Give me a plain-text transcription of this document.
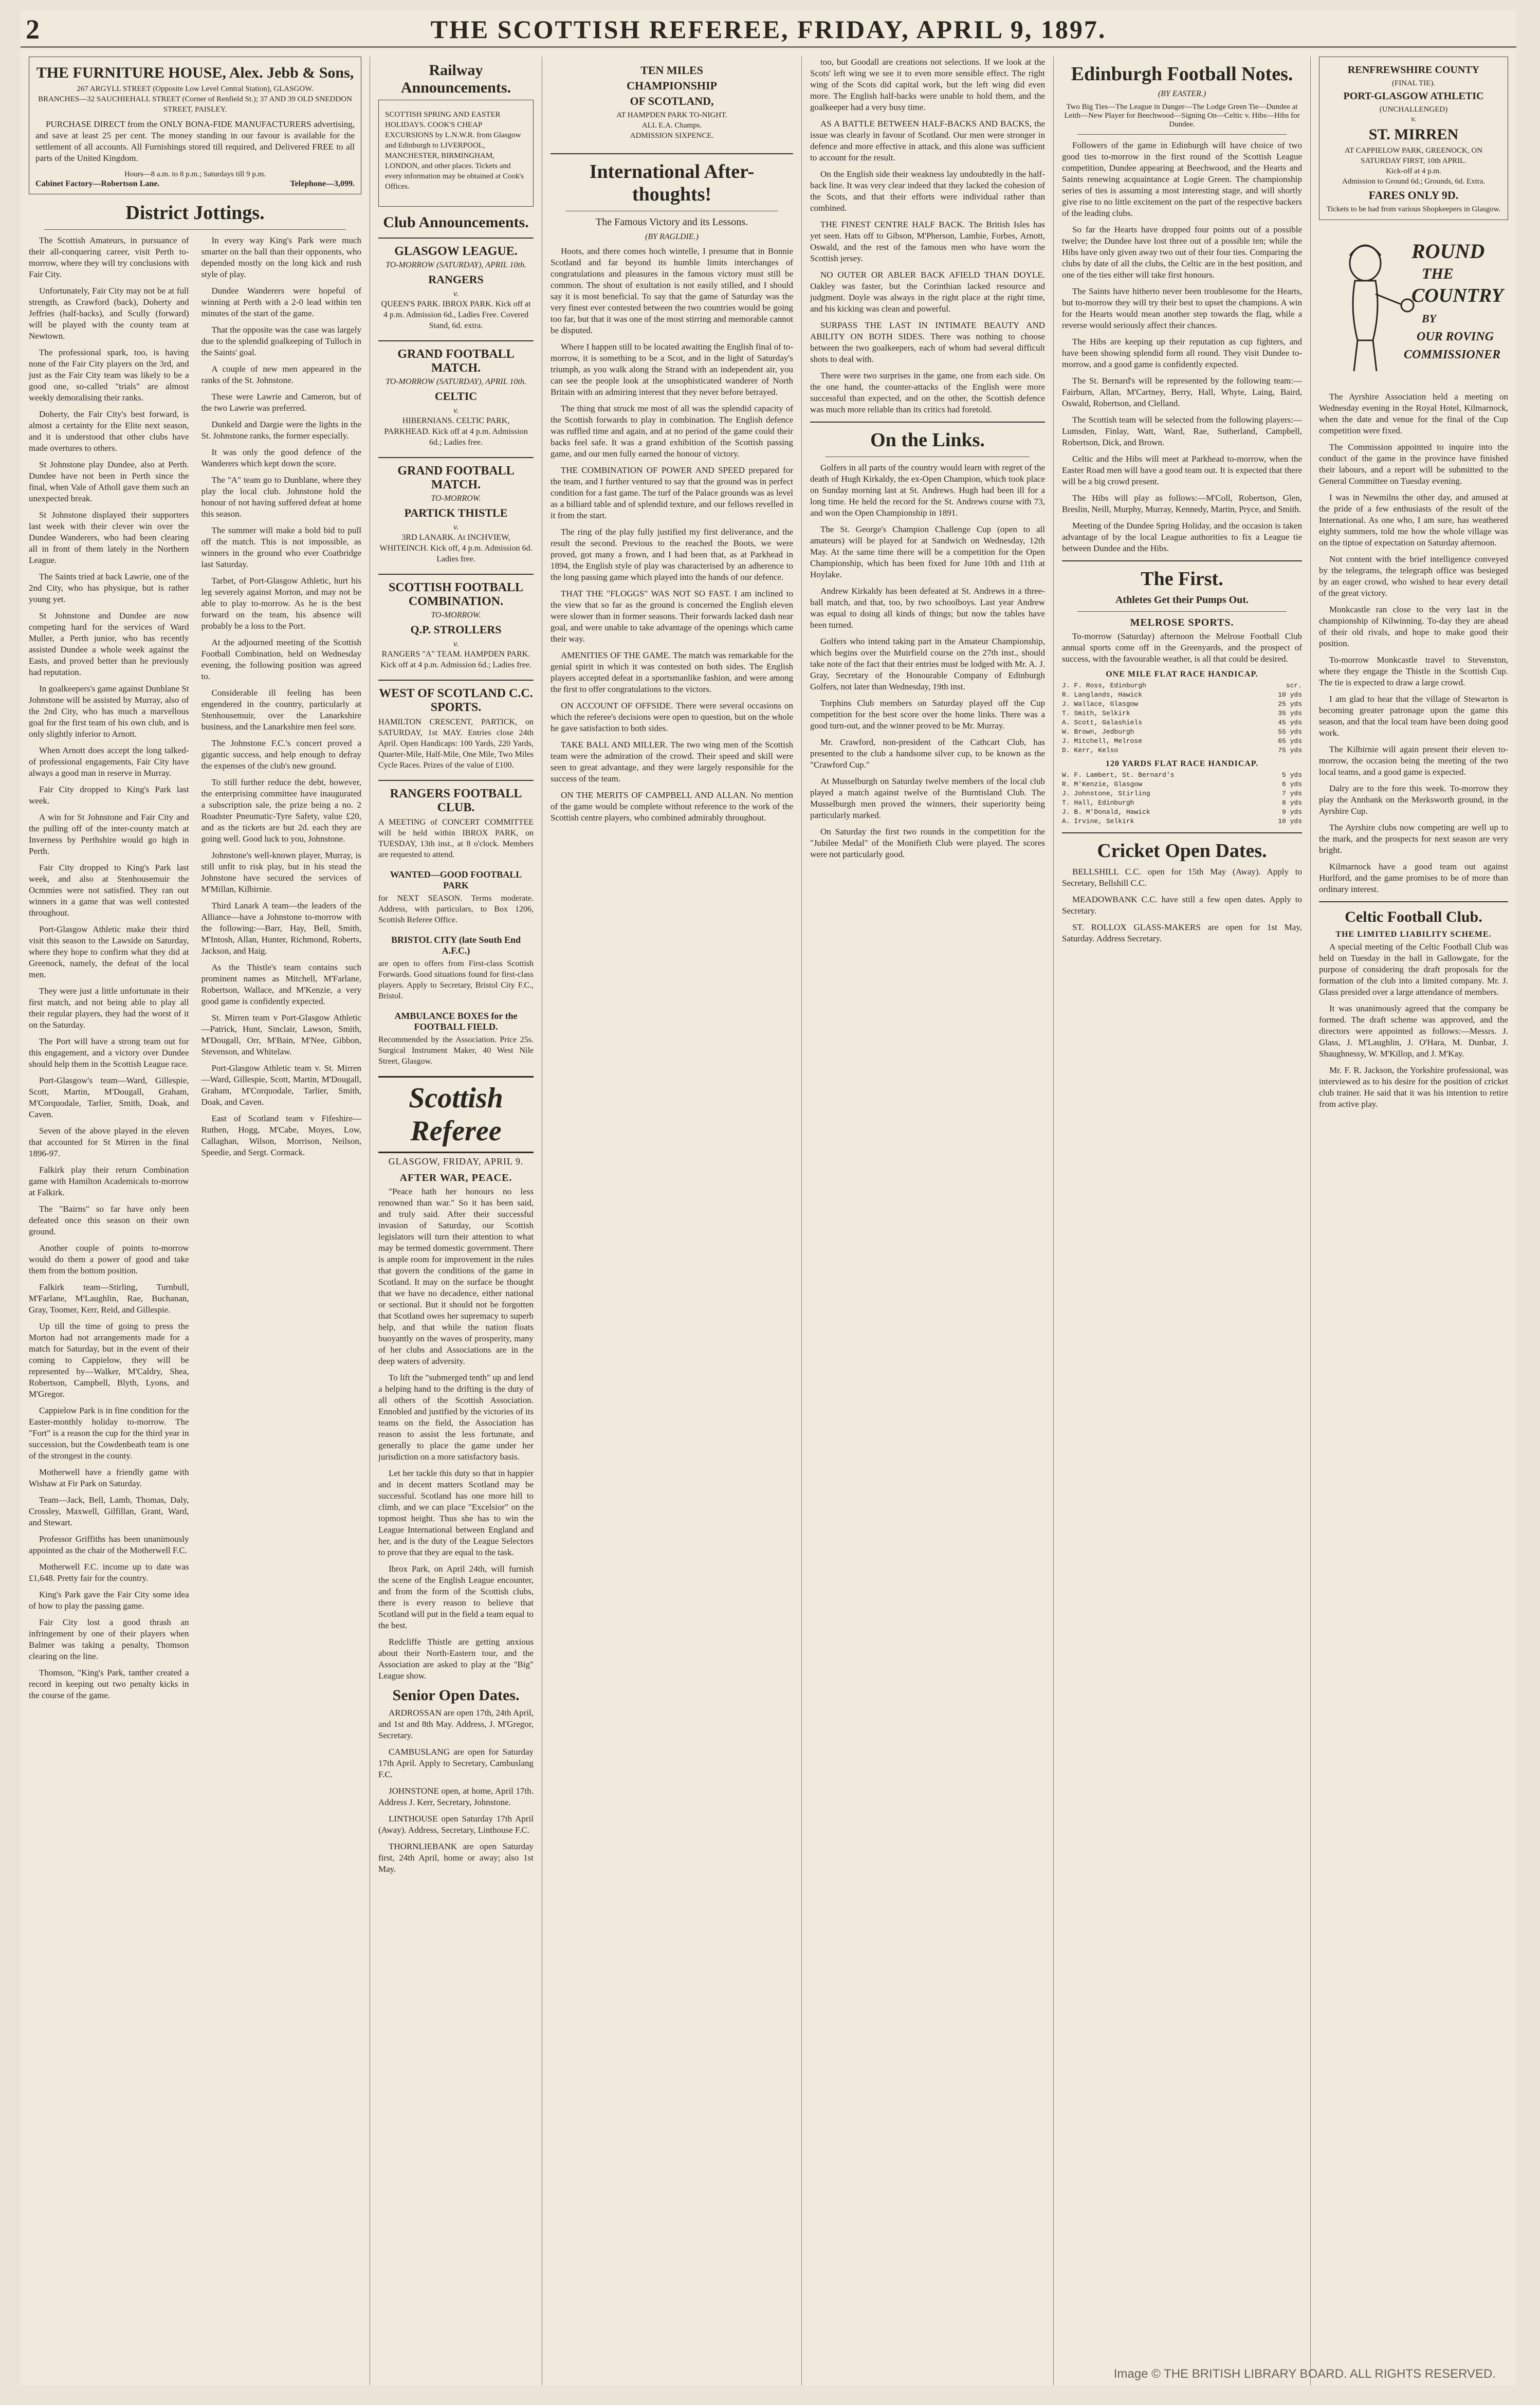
2	THE SCOTTISH REFEREE, FRIDAY, APRIL 9, 1897.
THE FURNITURE HOUSE, Alex. Jebb & Sons,
267 ARGYLL STREET (Opposite Low Level Central Station), GLASGOW.
BRANCHES—32 SAUCHIEHALL STREET (Corner of Renfield St.); 37 AND 39 OLD SNEDDON STREET, PAISLEY.

PURCHASE DIRECT from the ONLY BONA-FIDE MANUFACTURERS advertising, and save at least 25 per cent. The money standing in our favour is available for the settlement of all accounts. All Furnishings stored till required, and Delivered FREE to all parts of the United Kingdom.

Hours—8 a.m. to 8 p.m.; Saturdays till 9 p.m.
Cabinet Factory—Robertson Lane.	Telephone—3,099.
District Jottings.

The Scottish Amateurs, in pursuance of their all-conquering career, visit Perth to-morrow, where they will try conclusions with Fair City.

Unfortunately, Fair City may not be at full strength, as Crawford (back), Doherty and Jeffries (half-backs), and Scully (forward) will be played with the county team at Newtown.

The professional spark, too, is having none of the Fair City players on the 3rd, and just as the Fair City team was likely to be a good one, so-called "trials" are almost weekly demoralising their ranks.

Doherty, the Fair City's best forward, is almost a certainty for the Elite next season, and it is understood that other clubs have made overtures to others.

St Johnstone play Dundee, also at Perth. Dundee have not been in Perth since the final, when Vale of Atholl gave them such an unexpected break.

St Johnstone displayed their supporters last week with their clever win over the Dundee Wanderers, who had been clearing all in front of them lately in the Northern League.

The Saints tried at back Lawrie, one of the 2nd City, who has physique, but is rather young yet.

St Johnstone and Dundee are now competing hard for the services of Ward Muller, a Perth junior, who has recently assisted Dundee a whole week against the Easts, and proved better than he previously had reputation.

In goalkeepers's game against Dunblane St Johnstone will be assisted by Murray, also of the 2nd City, who has much a marvellous goal for the first team of his own club, and is only slightly inferior to Arnott.

When Arnott does accept the long talked-of professional engagements, Fair City have always a good man in reserve in Murray.

Fair City dropped to King's Park last week.

A win for St Johnstone and Fair City and the pulling off of the inter-county match at Inverness by Perthshire would go high in Perth.

Fair City dropped to King's Park last week, and also at Stenhousemuir the Ocmmies were not satisfied. They ran out winners in a game that was well contested throughout.

Port-Glasgow Athletic make their third visit this season to the Lawside on Saturday, where they hope to confirm what they did at Greenock, namely, the defeat of the local men.

They were just a little unfortunate in their first match, and not being able to play all their regular players, they had the worst of it on the Saturday.

The Port will have a strong team out for this engagement, and a victory over Dundee should help them in the Scottish League race.

Port-Glasgow's team—Ward, Gillespie, Scott, Martin, M'Dougall, Graham, M'Corquodale, Tarlier, Smith, Doak, and Caven.

Seven of the above played in the eleven that accounted for St Mirren in the final 1896-97.

Falkirk play their return Combination game with Hamilton Academicals to-morrow at Falkirk.

The "Bairns" so far have only been defeated once this season on their own ground.

Another couple of points to-morrow would do them a power of good and take them from the bottom position.

Falkirk team—Stirling, Turnbull, M'Farlane, M'Laughlin, Rae, Buchanan, Gray, Toomer, Kerr, Reid, and Gillespie.

Up till the time of going to press the Morton had not arrangements made for a match for Saturday, but in the event of their coming to Cappielow, they will be represented by—Walker, M'Caldry, Shea, Robertson, Campbell, Blyth, Lyons, and M'Gregor.

Cappielow Park is in fine condition for the Easter-monthly holiday to-morrow. The "Fort" is a reason the cup for the third year in succession, but the Cowdenbeath team is one of the strongest in the county.

Motherwell have a friendly game with Wishaw at Fir Park on Saturday.

Team—Jack, Bell, Lamb, Thomas, Daly, Crossley, Maxwell, Gilfillan, Grant, Ward, and Stewart.

Professor Griffiths has been unanimously appointed as the chair of the Motherwell F.C.

Motherwell F.C. income up to date was £1,648. Pretty fair for the country.

King's Park gave the Fair City some idea of how to play the passing game.

Fair City lost a good thrash an infringement by one of their players when Balmer was taking a penalty, Thomson clearing on the line.

Thomson, "King's Park, tanther created a record in keeping out two penalty kicks in the course of the game.

In every way King's Park were much smarter on the ball than their opponents, who depended mostly on the long kick and rush style of play.

Dundee Wanderers were hopeful of winning at Perth with a 2-0 lead within ten minutes of the start of the game.

That the opposite was the case was largely due to the splendid goalkeeping of Tulloch in the Saints' goal.

A couple of new men appeared in the ranks of the St. Johnstone.

These were Lawrie and Cameron, but of the two Lawrie was preferred.

Dunkeld and Dargie were the lights in the St. Johnstone ranks, the former especially.

It was only the good defence of the Wanderers which kept down the score.

The "A" team go to Dunblane, where they play the local club. Johnstone hold the honour of not having suffered defeat at home this season.

The summer will make a bold bid to pull off the match. This is not impossible, as winners in the ground who ever Coatbridge last Saturday.

Tarbet, of Port-Glasgow Athletic, hurt his leg severely against Morton, and may not be able to play to-morrow. As he is the best forward on the team, his absence will probably be a loss to the Port.

At the adjourned meeting of the Scottish Football Combination, held on Wednesday evening, the following position was agreed to.

Considerable ill feeling has been engendered in the country, particularly at Stenhousemuir, over the Lanarkshire business, and the Lanarkshire men feel sore.

The Johnstone F.C.'s concert proved a gigantic success, and help enough to defray the expenses of the club's new ground.

To still further reduce the debt, however, the enterprising committee have inaugurated a subscription sale, the prize being a no. 2 Roadster Pneumatic-Tyre Safety, value £20, and as the tickets are but 2d. each they are going well. Good luck to you, Johnstone.

Johnstone's well-known player, Murray, is still unfit to risk play, but in his stead the Johnstone have secured the services of M'Millan, Kilbirnie.

Third Lanark A team—the leaders of the Alliance—have a Johnstone to-morrow with the following:—Barr, Hay, Bell, Smith, M'Intosh, Allan, Hunter, Richmond, Roberts, Jackson, and Haig.

As the Thistle's team contains such prominent names as Mitchell, M'Farlane, Robertson, Wallace, and M'Kenzie, a very good game is confidently expected.

St. Mirren team v Port-Glasgow Athletic—Patrick, Hunt, Sinclair, Lawson, Smith, M'Dougall, Orr, M'Bain, M'Nee, Gibbon, Stevenson, and Whitelaw.

Port-Glasgow Athletic team v. St. Mirren—Ward, Gillespie, Scott, Martin, M'Dougall, Graham, M'Corquodale, Tarlier, Smith, Doak, and Caven.

East of Scotland team v Fifeshire—Ruthen, Hogg, M'Cabe, Moyes, Low, Callaghan, Wilson, Morrison, Neilson, Speedie, and Sergt. Cormack.

Railway Announcements.
SCOTTISH SPRING AND EASTER HOLIDAYS. COOK'S CHEAP EXCURSIONS by L.N.W.R. from Glasgow and Edinburgh to LIVERPOOL, MANCHESTER, BIRMINGHAM, LONDON, and other places. Tickets and every information may be obtained at Cook's Offices.
Club Announcements.
GLASGOW LEAGUE.
TO-MORROW (SATURDAY), APRIL 10th.
RANGERS
v.
QUEEN'S PARK. IBROX PARK. Kick off at 4 p.m. Admission 6d., Ladies Free. Covered Stand, 6d. extra.
GRAND FOOTBALL MATCH.
TO-MORROW (SATURDAY), APRIL 10th.
CELTIC
v.
HIBERNIANS. CELTIC PARK, PARKHEAD. Kick off at 4 p.m. Admission 6d.; Ladies free.
GRAND FOOTBALL MATCH.
TO-MORROW.
PARTICK THISTLE
v.
3RD LANARK. At INCHVIEW, WHITEINCH. Kick off, 4 p.m. Admission 6d. Ladies free.
SCOTTISH FOOTBALL COMBINATION.
TO-MORROW.
Q.P. STROLLERS
v.
RANGERS "A" TEAM. HAMPDEN PARK. Kick off at 4 p.m. Admission 6d.; Ladies free.
WEST OF SCOTLAND C.C. SPORTS.
HAMILTON CRESCENT, PARTICK, on SATURDAY, 1st MAY. Entries close 24th April. Open Handicaps: 100 Yards, 220 Yards, Quarter-Mile, Half-Mile, One Mile, Two Miles Cycle Races. Prizes of the value of £100.
RANGERS FOOTBALL CLUB.
A MEETING of CONCERT COMMITTEE will be held within IBROX PARK, on TUESDAY, 13th inst., at 8 o'clock. Members are requested to attend.
WANTED—GOOD FOOTBALL PARK
for NEXT SEASON. Terms moderate. Address, with particulars, to Box 1206, Scottish Referee Office.
BRISTOL CITY (late South End A.F.C.)
are open to offers from First-class Scottish Forwards. Good situations found for first-class players. Apply to Secretary, Bristol City F.C., Bristol.
AMBULANCE BOXES for the FOOTBALL FIELD.
Recommended by the Association. Price 25s. Surgical Instrument Maker, 40 West Nile Street, Glasgow.
Scottish Referee
GLASGOW, FRIDAY, APRIL 9.
AFTER WAR, PEACE.

"Peace hath her honours no less renowned than war." So it has been said, and truly said. After their successful invasion of Saturday, our Scottish legislators will turn their attention to what may be termed domestic government. There is ample room for improvement in the rules that govern the conditions of the game in Scotland. It may on the surface be thought that we have no decadence, either national or sectional. But it should not be forgotten that Scotland owes her supremacy to superb help, and that while the nation floats buoyantly on the waves of prosperity, many of her clubs and Associations are in the deep waters of adversity.

To lift the "submerged tenth" up and lend a helping hand to the drifting is the duty of all others of the Scottish Association. Ennobled and justified by the victories of its teams on the field, the Association has reason to assist the less fortunate, and generally to place the game under her jurisdiction on a more satisfactory basis.

Let her tackle this duty so that in happier and in decent matters Scotland may be successful. Scotland has one more hill to climb, and we can place "Excelsior" on the topmost height. Thus she has to win the League International between England and her, and is the duty of the League Selectors to prove that they are equal to the task.

Ibrox Park, on April 24th, will furnish the scene of the English League encounter, and from the form of the Scottish clubs, there is every reason to believe that Scotland will put in the field a team equal to the best.

Redcliffe Thistle are getting anxious about their North-Eastern tour, and the Association are asked to play at the "Big" League show.

Senior Open Dates.

ARDROSSAN are open 17th, 24th April, and 1st and 8th May. Address, J. M'Gregor, Secretary.

CAMBUSLANG are open for Saturday 17th April. Apply to Secretary, Cambuslang F.C.

JOHNSTONE open, at home, April 17th. Address J. Kerr, Secretary, Johnstone.

LINTHOUSE open Saturday 17th April (Away). Address, Secretary, Linthouse F.C.

THORNLIEBANK are open Saturday first, 24th April, home or away; also 1st May.

TEN MILES
CHAMPIONSHIP
OF SCOTLAND,
AT HAMPDEN PARK TO-NIGHT.
ALL E.A. Champs.
ADMISSION SIXPENCE.
International After-thoughts!
The Famous Victory and its Lessons.
(BY RAGLDIE.)

Hoots, and there comes hoch wintelle, I presume that in Bonnie Scotland and far beyond its humble limits interchanges of congratulations and pleasures in the famous victory must still be common. The shout of exultation is not easily stilled, and I should say it is most beneficial. To say that the game of Saturday was the very finest ever contested between the two countries would be going too far, but that it was one of the most stirring and memorable cannot be disputed.

Where I happen still to be located awaiting the English final of to-morrow, it is something to be a Scot, and in the light of Saturday's triumph, as you walk along the Strand with an independent air, you can see the people look at the unsophisticated wanderer of North Britain with an admiring interest that they never before betrayed.

The thing that struck me most of all was the splendid capacity of the Scottish forwards to play in combination. The English defence was ruffled time and again, and at no period of the game could their backs feel safe. It was a grand exhibition of the Scottish passing game, and our men fully earned the honour of victory.

THE COMBINATION OF POWER AND SPEED prepared for the team, and I further ventured to say that the ground was in perfect condition for a fast game. The turf of the Palace grounds was as level as a billiard table and of splendid texture, and our fellows revelled in it from the start.

The ring of the play fully justified my first deliverance, and the result the second. Previous to the reached the Boots, we were proved, got many a frown, and I had been that, as at Parkhead in 1894, the English style of play was characterised by an adherence to the long passing game which played into the hands of our defence.

THAT THE "FLOGGS" WAS NOT SO FAST. I am inclined to the view that so far as the ground is concerned the English eleven were slower than in former seasons. Their forwards lacked dash near goal, and were unable to take advantage of the openings which came their way.

AMENITIES OF THE GAME. The match was remarkable for the genial spirit in which it was contested on both sides. The English players accepted defeat in a sportsmanlike fashion, and were among the first to offer congratulations to the victors.

ON ACCOUNT OF OFFSIDE. There were several occasions on which the referee's decisions were open to question, but on the whole he gave satisfaction to both sides.

TAKE BALL AND MILLER. The two wing men of the Scottish team were the admiration of the crowd. Their speed and skill were seen to great advantage, and they were largely responsible for the success of the team.

ON THE MERITS OF CAMPBELL AND ALLAN. No mention of the game would be complete without reference to the work of the Scottish centre players, who combined admirably throughout.

too, but Goodall are creations not selections. If we look at the Scots' left wing we see it to even more sensible effect. The right wing of the Scots did capital work, but the left wing did even more. The English half-backs were unable to hold them, and the goalkeeper had a very busy time.

AS A BATTLE BETWEEN HALF-BACKS AND BACKS, the issue was clearly in favour of Scotland. Our men were stronger in defence and more effective in attack, and this alone was sufficient to account for the result.

On the English side their weakness lay undoubtedly in the half-back line. It was very clear indeed that they lacked the cohesion of the Scots, and that their efforts were individual rather than combined.

THE FINEST CENTRE HALF BACK. The British Isles has yet seen. Hats off to Gibson, M'Pherson, Lambie, Forbes, Arnott, Oswald, and the rest of the famous men who have worn the Scottish jersey.

NO OUTER OR ABLER BACK AFIELD THAN DOYLE. Oakley was faster, but the Corinthian lacked resource and judgment. Doyle was always in the right place at the right time, and his kicking was clean and powerful.

SURPASS THE LAST IN INTIMATE BEAUTY AND ABILITY ON BOTH SIDES. There was nothing to choose between the two goalkeepers, each of whom had several difficult shots to deal with.

There were two surprises in the game, one from each side. On the one hand, the counter-attacks of the English were more successful than expected, and on the other, the Scottish defence was much more reliable than its critics had foretold.

On the Links.

Golfers in all parts of the country would learn with regret of the death of Hugh Kirkaldy, the ex-Open Champion, which took place on Sunday morning last at St. Andrews. Hugh had been ill for a long time. He held the record for the St. Andrews course with 73, and won the Open Championship in 1891.

The St. George's Champion Challenge Cup (open to all amateurs) will be played for at Sandwich on Wednesday, 12th May. At the same time there will be a competition for the Open Championship, which has been fixed for June 10th and 11th at Hoylake.

Andrew Kirkaldy has been defeated at St. Andrews in a three-ball match, and that, too, by two schoolboys. Last year Andrew was equal to doing all kinds of things; but now the tables have been turned.

Golfers who intend taking part in the Amateur Championship, which begins over the Muirfield course on the 27th inst., should take note of the fact that their entries must be lodged with Mr. A. J. Gray, Secretary of the Honourable Company of Edinburgh Golfers, not later than Wednesday, 19th inst.

Torphins Club members on Saturday played off the Cup competition for the best score over the home links. There was a good turn-out, and the winner proved to be Mr. Murray.

Mr. Crawford, non-president of the Cathcart Club, has presented to the club a handsome silver cup, to be known as the "Crawford Cup."

At Musselburgh on Saturday twelve members of the local club played a match against twelve of the Burntisland Club. The Musselburgh men proved the winners, their superiority being particularly marked.

On Saturday the first two rounds in the competition for the "Jubilee Medal" of the Monifieth Club were played. The scores were not particularly good.

Edinburgh Football Notes.
(BY EASTER.)
Two Big Ties—The League in Danger—The Lodge Green Tie—Dundee at Leith—New Player for Beechwood—Signing On—Celtic v. Hibs—Hibs for Dundee.

Followers of the game in Edinburgh will have choice of two good ties to-morrow in the first round of the Scottish League competition, Dundee appearing at Beechwood, and the Hearts and Saints renewing acquaintance at Logie Green. The championship series of ties is assuming a most interesting stage, and will shortly give rise to no little excitement on the part of the respective backers of the leading clubs.

So far the Hearts have dropped four points out of a possible twelve; the Dundee have lost three out of a possible ten; while the Hibs have only given away two out of their four ties. Comparing the clubs by date of all the clubs, the Celtic are in the best position, and one of the ties either will take first honours.

The Saints have hitherto never been troublesome for the Hearts, but to-morrow they will try their best to upset the champions. A win for the Hearts would mean another step towards the flag, while a reverse would seriously affect their chances.

The Hibs are keeping up their reputation as cup fighters, and have been showing splendid form all round. They visit Dundee to-morrow, and a good game is confidently expected.

The St. Bernard's will be represented by the following team:—Fairburn, Allan, M'Cartney, Berry, Hall, Whyte, Laing, Baird, Oswald, Robertson, and Clelland.

The Scottish team will be selected from the following players:—Lumsden, Finlay, Watt, Ward, Rae, Sutherland, Campbell, Robertson, Dick, and Brown.

Celtic and the Hibs will meet at Parkhead to-morrow, when the Easter Road men will have a good team out. It is expected that there will be a big crowd present.

The Hibs will play as follows:—M'Coll, Robertson, Glen, Breslin, Neill, Murphy, Murray, Kennedy, Martin, Pryce, and Smith.

Meeting of the Dundee Spring Holiday, and the occasion is taken advantage of by the local League authorities to fix a League tie between Dundee and the Hibs.

The First.
Athletes Get their Pumps Out.
MELROSE SPORTS.

To-morrow (Saturday) afternoon the Melrose Football Club annual sports come off in the Greenyards, and the prospect of success, with the favourable weather, is all that could be desired.

ONE MILE FLAT RACE HANDICAP.
J. F. Ross, Edinburgh	scr.
R. Langlands, Hawick	10 yds
J. Wallace, Glasgow	25 yds
T. Smith, Selkirk	35 yds
A. Scott, Galashiels	45 yds
W. Brown, Jedburgh	55 yds
J. Mitchell, Melrose	65 yds
D. Kerr, Kelso	75 yds
120 YARDS FLAT RACE HANDICAP.
W. F. Lambert, St. Bernard's	5 yds
R. M'Kenzie, Glasgow	6 yds
J. Johnstone, Stirling	7 yds
T. Hall, Edinburgh	8 yds
J. B. M'Donald, Hawick	9 yds
A. Irvine, Selkirk	10 yds
Cricket Open Dates.

BELLSHILL C.C. open for 15th May (Away). Apply to Secretary, Bellshill C.C.

MEADOWBANK C.C. have still a few open dates. Apply to Secretary.

ST. ROLLOX GLASS-MAKERS are open for 1st May, Saturday. Address Secretary.

RENFREWSHIRE COUNTY
(FINAL TIE).
PORT-GLASGOW ATHLETIC
(UNCHALLENGED)
v.
ST. MIRREN
AT CAPPIELOW PARK, GREENOCK, ON SATURDAY FIRST, 10th APRIL.
Kick-off at 4 p.m.
Admission to Ground 6d.; Grounds, 6d. Extra.
FARES ONLY 9D.
Tickets to be had from various Shopkeepers in Glasgow.
ROUND
THE
COUNTRY
BY
OUR ROVING
COMMISSIONER

The Ayrshire Association held a meeting on Wednesday evening in the Royal Hotel, Kilmarnock, when the date and venue for the final of the Cup competition were fixed.

The Commission appointed to inquire into the conduct of the game in the province have finished their labours, and a report will be submitted to the General Committee on Tuesday evening.

I was in Newmilns the other day, and amused at the pride of a few enthusiasts of the result of the International. As one who, I am sure, has weathered eighty summers, told me how the whole village was on the tiptoe of expectation on Saturday afternoon.

Not content with the brief intelligence conveyed by the telegrams, the telegraph office was besieged by an eager crowd, who wished to hear every detail of the great victory.

Monkcastle ran close to the very last in the championship of Kilwinning. To-day they are ahead of their old rivals, and hope to make good their position.

To-morrow Monkcastle travel to Stevenston, where they engage the Thistle in the Scottish Cup. The tie is expected to draw a large crowd.

I am glad to hear that the village of Stewarton is becoming greater patronage upon the game this season, and that the local team have been doing good work.

The Kilbirnie will again present their eleven to-morrow, the occasion being the meeting of the two local teams, and a good game is expected.

Dalry are to the fore this week. To-morrow they play the Annbank on the Merksworth ground, in the Ayrshire Cup.

The Ayrshire clubs now competing are well up to the mark, and the prospects for next season are very bright.

Kilmarnock have a good team out against Hurlford, and the game promises to be of more than ordinary interest.

Celtic Football Club.
THE LIMITED LIABILITY SCHEME.

A special meeting of the Celtic Football Club was held on Tuesday in the hall in Gallowgate, for the purpose of considering the draft proposals for the formation of the club into a limited company. Mr. J. Glass presided over a large attendance of members.

It was unanimously agreed that the company be formed. The draft scheme was approved, and the directors were appointed as follows:—Messrs. J. Glass, J. M'Laughlin, J. O'Hara, M. Dunbar, J. Shaughnessy, W. M'Killop, and J. M'Kay.

Mr. F. R. Jackson, the Yorkshire professional, was interviewed as to his desire for the position of cricket club trainer. He said that it was his intention to retire from active play.

Image © THE BRITISH LIBRARY BOARD. ALL RIGHTS RESERVED.
